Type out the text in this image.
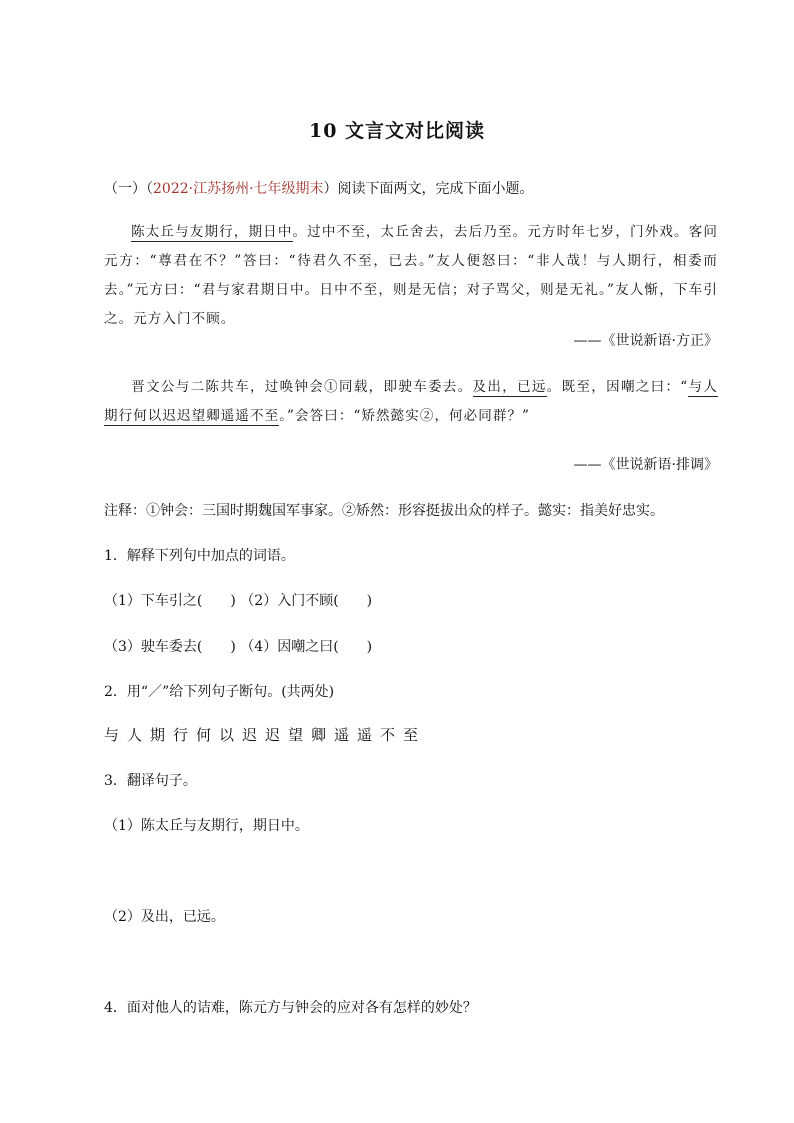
10 文言文对比阅读
（一）（2022·江苏扬州·七年级期末）阅读下面两文，完成下面小题。
陈太丘与友期行，期日中。过中不至，太丘舍去，去后乃至。元方时年七岁，门外戏。客问元方：“尊君在不？”答曰：“待君久不至，已去。”友人便怒曰：“非人哉！与人期行，相委而去。”元方曰：“君与家君期日中。日中不至，则是无信；对子骂父，则是无礼。”友人惭，下车引之。元方入门不顾。
——《世说新语·方正》
晋文公与二陈共车，过唤钟会①同载，即驶车委去。及出，已远。既至，因嘲之曰：“与人期行何以迟迟望卿遥遥不至。”会答曰：“矫然懿实②，何必同群？”
——《世说新语·排调》
注释：①钟会：三国时期魏国军事家。②矫然：形容挺拔出众的样子。懿实：指美好忠实。
1．解释下列句中加点的词语。
（1）下车引之( ) （2）入门不顾( )
（3）驶车委去( ) （4）因嘲之曰( )
2．用“／”给下列句子断句。(共两处)
与人期行何以迟迟望卿遥遥不至
3．翻译句子。
（1）陈太丘与友期行，期日中。
（2）及出，已远。
4．面对他人的诘难，陈元方与钟会的应对各有怎样的妙处？
